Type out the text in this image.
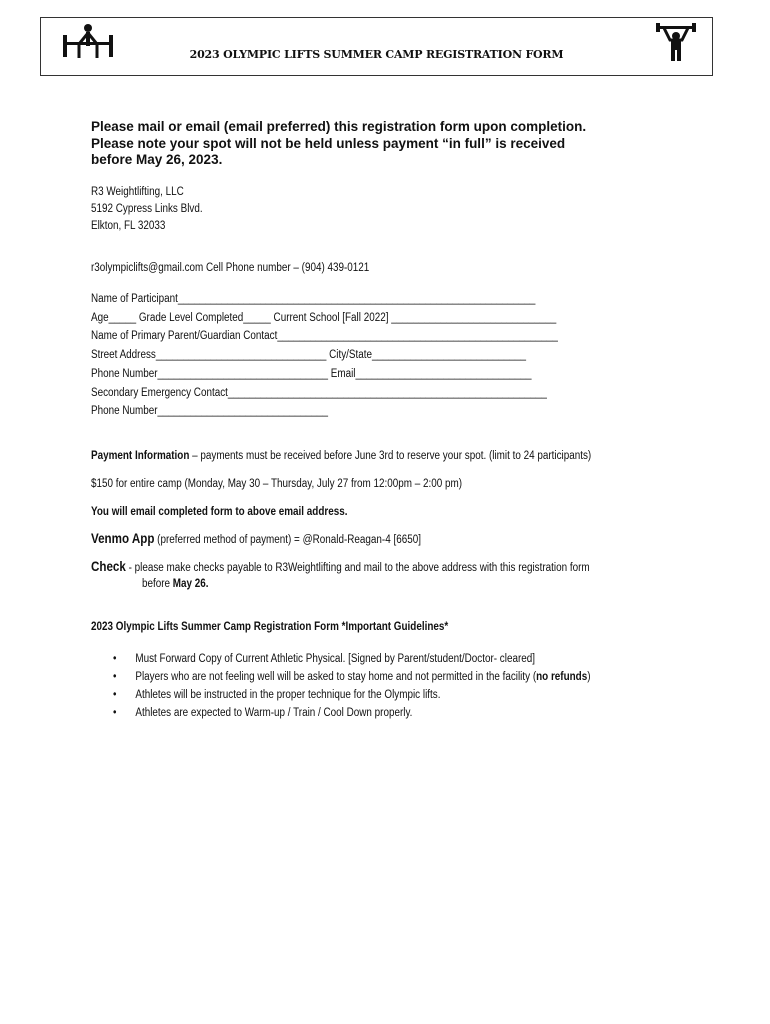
2023 OLYMPIC LIFTS SUMMER CAMP REGISTRATION FORM
Please mail or email (email preferred) this registration form upon completion.
Please note your spot will not be held unless payment “in full” is received
before May 26, 2023.
R3 Weightlifting, LLC
5192 Cypress Links Blvd.
Elkton, FL 32033
r3olympiclifts@gmail.com Cell Phone number – (904) 439-0121
Name of Participant_________________________________________________________________
Age_____ Grade Level Completed_____ Current School [Fall 2022] ______________________________
Name of Primary Parent/Guardian Contact___________________________________________________
Street Address_______________________________ City/State____________________________
Phone Number_______________________________ Email________________________________
Secondary Emergency Contact__________________________________________________________
Phone Number_______________________________
Payment Information – payments must be received before June 3rd to reserve your spot. (limit to 24 participants)
$150 for entire camp (Monday, May 30 – Thursday, July 27 from 12:00pm – 2:00 pm)
You will email completed form to above email address.
Venmo App (preferred method of payment) = @Ronald-Reagan-4 [6650]
Check - please make checks payable to R3Weightlifting and mail to the above address with this registration form
before May 26.
2023 Olympic Lifts Summer Camp Registration Form *Important Guidelines*
• Must Forward Copy of Current Athletic Physical. [Signed by Parent/student/Doctor- cleared]
• Players who are not feeling well will be asked to stay home and not permitted in the facility (no refunds)
• Athletes will be instructed in the proper technique for the Olympic lifts.
• Athletes are expected to Warm-up / Train / Cool Down properly.
